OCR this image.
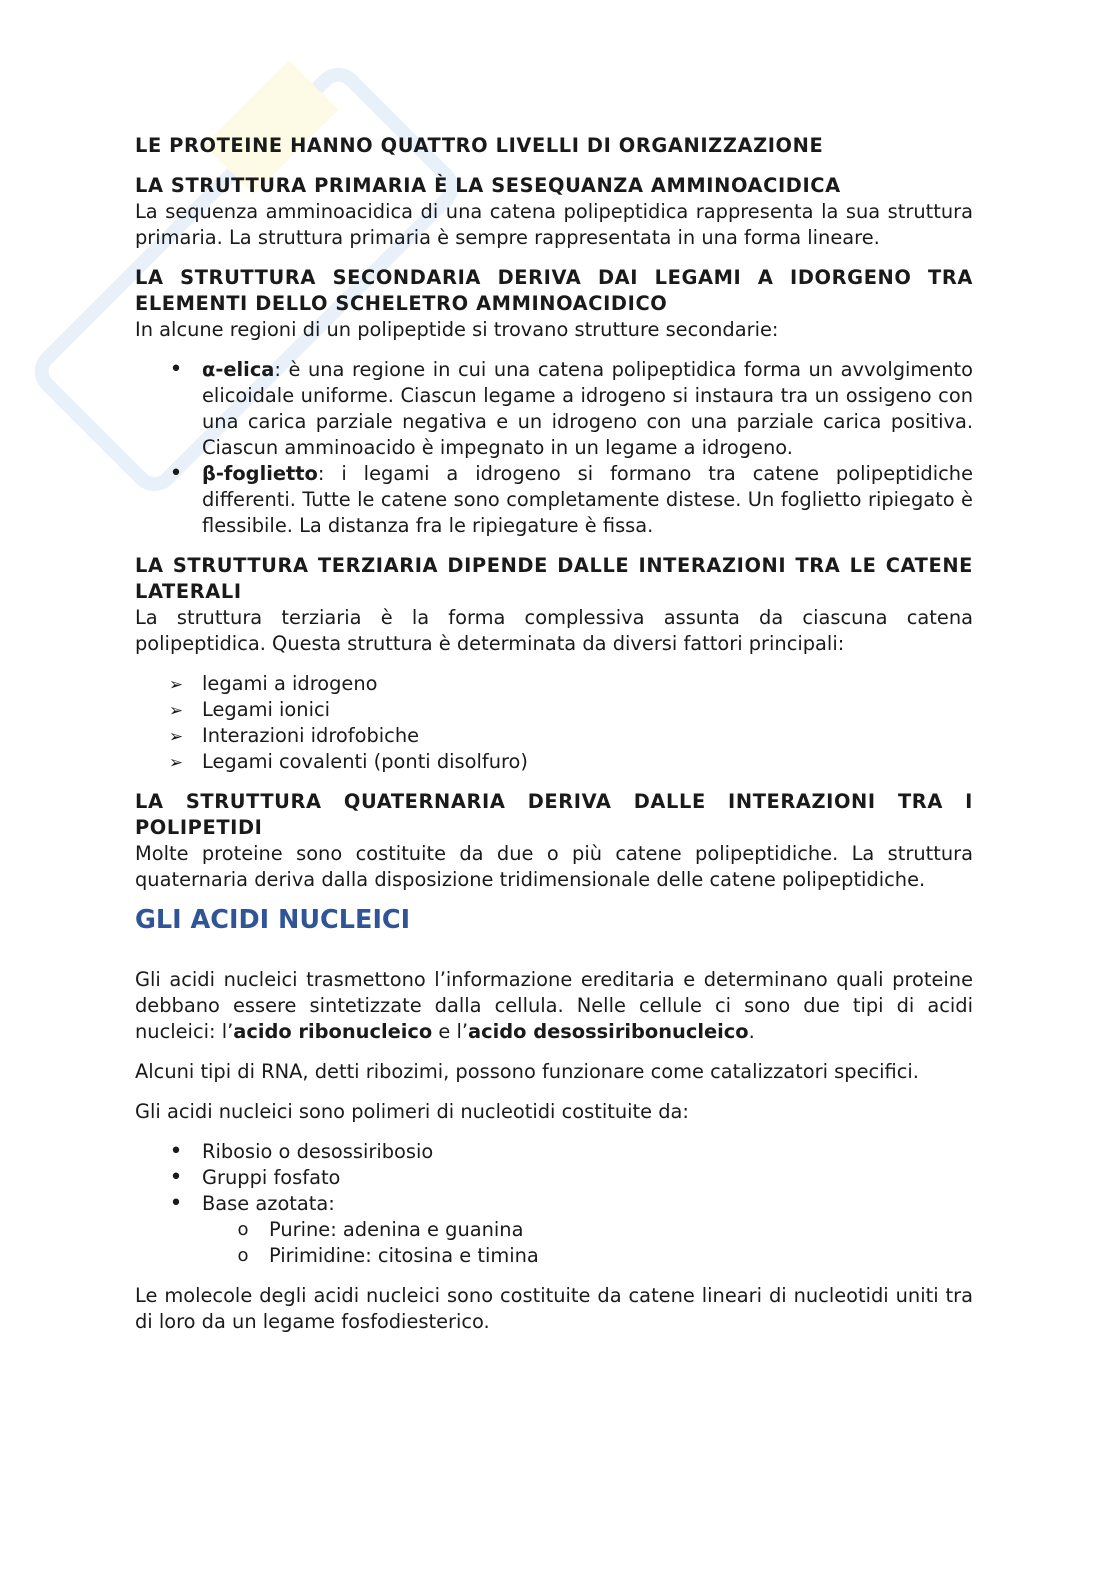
LE PROTEINE HANNO QUATTRO LIVELLI DI ORGANIZZAZIONE
LA STRUTTURA PRIMARIA È LA SESEQUANZA AMMINOACIDICA

La sequenza amminoacidica di una catena polipeptidica rappresenta la sua struttura primaria. La struttura primaria è sempre rappresentata in una forma lineare.

LA STRUTTURA SECONDARIA DERIVA DAI LEGAMI A IDORGENO TRA ELEMENTI DELLO SCHELETRO AMMINOACIDICO

In alcune regioni di un polipeptide si trovano strutture secondarie:

•
α-elica: è una regione in cui una catena polipeptidica forma un avvolgimento elicoidale uniforme. Ciascun legame a idrogeno si instaura tra un ossigeno con una carica parziale negativa e un idrogeno con una parziale carica positiva. Ciascun amminoacido è impegnato in un legame a idrogeno.
•
β-foglietto: i legami a idrogeno si formano tra catene polipeptidiche differenti. Tutte le catene sono completamente distese. Un foglietto ripiegato è flessibile. La distanza fra le ripiegature è fissa.
LA STRUTTURA TERZIARIA DIPENDE DALLE INTERAZIONI TRA LE CATENE LATERALI

La struttura terziaria è la forma complessiva assunta da ciascuna catena polipeptidica. Questa struttura è determinata da diversi fattori principali:

➢
legami a idrogeno
➢
Legami ionici
➢
Interazioni idrofobiche
➢
Legami covalenti (ponti disolfuro)
LA STRUTTURA QUATERNARIA DERIVA DALLE INTERAZIONI TRA I POLIPETIDI

Molte proteine sono costituite da due o più catene polipeptidiche. La struttura quaternaria deriva dalla disposizione tridimensionale delle catene polipeptidiche.

GLI ACIDI NUCLEICI

Gli acidi nucleici trasmettono l’informazione ereditaria e determinano quali proteine debbano essere sintetizzate dalla cellula. Nelle cellule ci sono due tipi di acidi nucleici: l’acido ribonucleico e l’acido desossiribonucleico.

Alcuni tipi di RNA, detti ribozimi, possono funzionare come catalizzatori specifici.

Gli acidi nucleici sono polimeri di nucleotidi costituite da:

•
Ribosio o desossiribosio
•
Gruppi fosfato
•
Base azotata:
o Purine: adenina e guanina
o Pirimidine: citosina e timina

Le molecole degli acidi nucleici sono costituite da catene lineari di nucleotidi uniti tra di loro da un legame fosfodiesterico.
